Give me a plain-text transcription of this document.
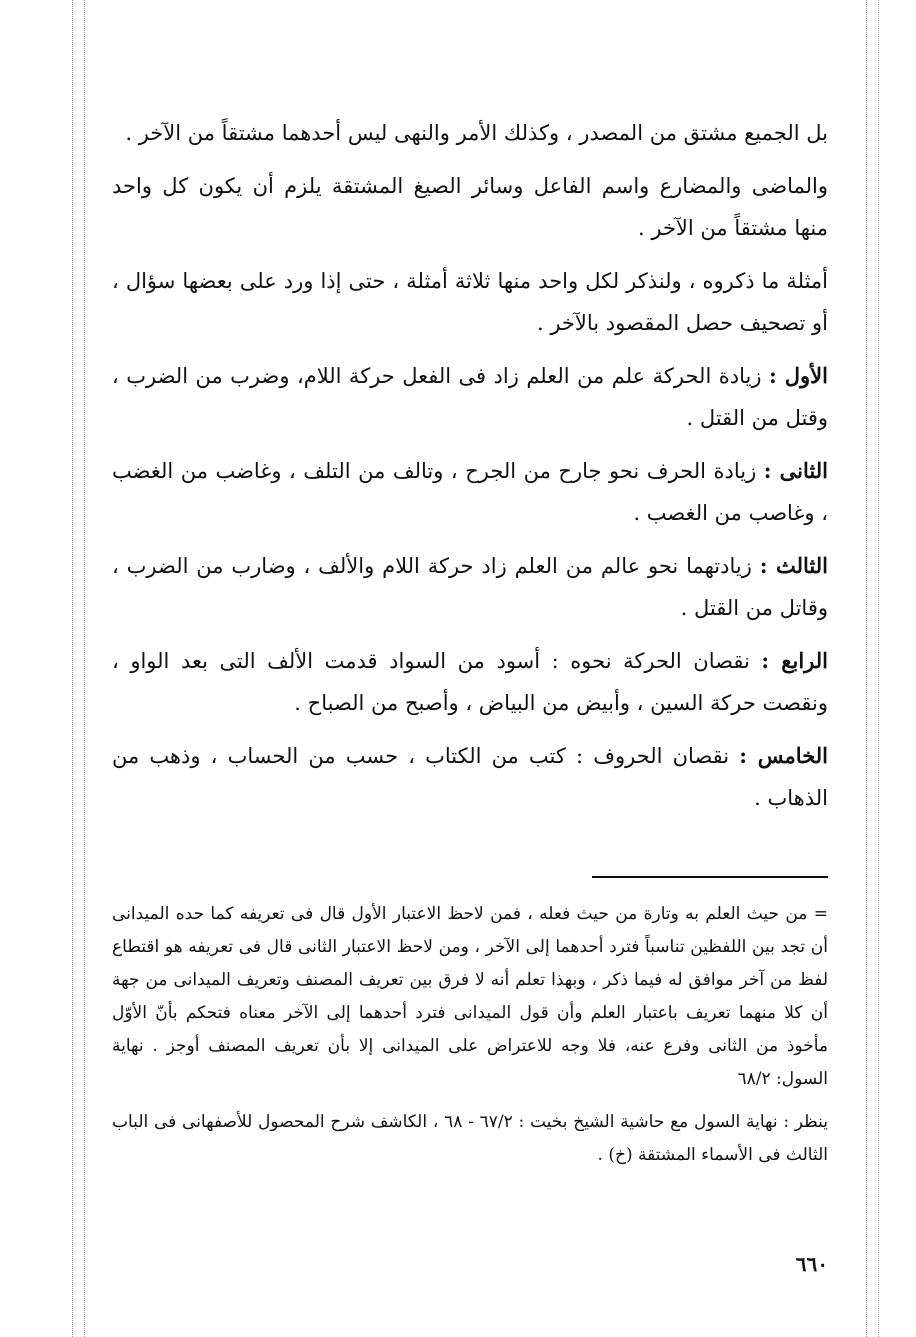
بل الجميع مشتق من المصدر ، وكذلك الأمر والنهى ليس أحدهما مشتقاً من الآخر .

والماضى والمضارع واسم الفاعل وسائر الصيغ المشتقة يلزم أن يكون كل واحد منها مشتقاً من الآخر .

أمثلة ما ذكروه ، ولنذكر لكل واحد منها ثلاثة أمثلة ، حتى إذا ورد على بعضها سؤال ، أو تصحيف حصل المقصود بالآخر .

الأول : زيادة الحركة علم من العلم زاد فى الفعل حركة اللام، وضرب من الضرب ، وقتل من القتل .

الثانى : زيادة الحرف نحو جارح من الجرح ، وتالف من التلف ، وغاضب من الغضب ، وغاصب من الغصب .

الثالث : زيادتهما نحو عالم من العلم زاد حركة اللام والألف ، وضارب من الضرب ، وقاتل من القتل .

الرابع : نقصان الحركة نحوه : أسود من السواد قدمت الألف التى بعد الواو ، ونقصت حركة السين ، وأبيض من البياض ، وأصبح من الصباح .

الخامس : نقصان الحروف : كتب من الكتاب ، حسب من الحساب ، وذهب من الذهاب .

= من حيث العلم به وتارة من حيث فعله ، فمن لاحظ الاعتبار الأول قال فى تعريفه كما حده الميدانى أن تجد بين اللفظين تناسباً فترد أحدهما إلى الآخر ، ومن لاحظ الاعتبار الثانى قال فى تعريفه هو اقتطاع لفظ من آخر موافق له فيما ذكر ، وبهذا تعلم أنه لا فرق بين تعريف المصنف وتعريف الميدانى من جهة أن كلا منهما تعريف باعتبار العلم وأن قول الميدانى فترد أحدهما إلى الآخر معناه فتحكم بأنّ الأوّل مأخوذ من الثانى وفرع عنه، فلا وجه للاعتراض على الميدانى إلا بأن تعريف المصنف أوجز . نهاية السول: ٦٨/٢

ينظر : نهاية السول مع حاشية الشيخ بخيت : ٦٧/٢ - ٦٨ ، الكاشف شرح المحصول للأصفهانى فى الباب الثالث فى الأسماء المشتقة (خ) .

٦٦٠
